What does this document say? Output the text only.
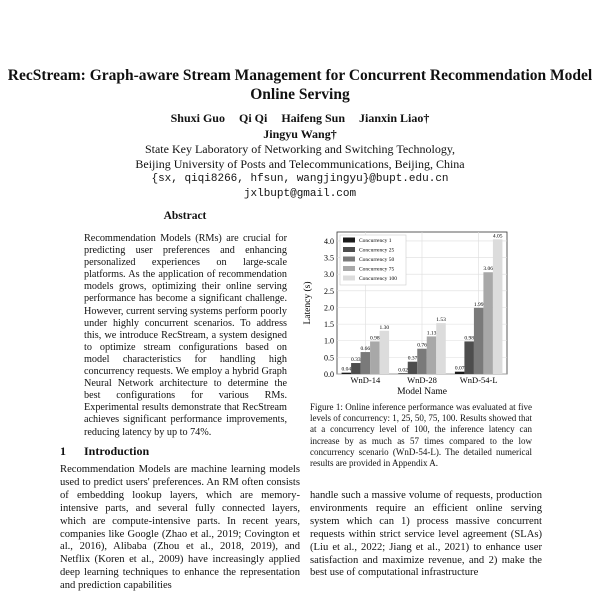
RecStream: Graph-aware Stream Management for Concurrent Recommendation Model Online Serving
Shuxi Guo Qi Qi Haifeng Sun Jianxin Liao†
Jingyu Wang†
State Key Laboratory of Networking and Switching Technology,
Beijing University of Posts and Telecommunications, Beijing, China
{sx, qiqi8266, hfsun, wangjingyu}@bupt.edu.cn
jxlbupt@gmail.com
Abstract
Recommendation Models (RMs) are crucial for predicting user preferences and enhancing personalized experiences on large-scale platforms. As the application of recommendation models grows, optimizing their online serving performance has become a significant challenge. However, current serving systems perform poorly under highly concurrent scenarios. To address this, we introduce RecStream, a system designed to optimize stream configurations based on model characteristics for handling high concurrency requests. We employ a hybrid Graph Neural Network architecture to determine the best configurations for various RMs. Experimental results demonstrate that RecStream achieves significant performance improvements, reducing latency by up to 74%.
1 Introduction
Recommendation Models are machine learning models used to predict users' preferences. An RM often consists of embedding lookup layers, which are memory-intensive parts, and several fully connected layers, which are compute-intensive parts. In recent years, companies like Google (Zhao et al., 2019; Covington et al., 2016), Alibaba (Zhou et al., 2018, 2019), and Netflix (Koren et al., 2009) have increasingly applied deep learning techniques to enhance the representation and prediction capabilities
0.0
0.5
1.0
1.5
2.0
2.5
3.0
3.5
4.0
WnD-14
0.04
0.33
0.66
0.98
1.30
WnD-28
0.02
0.37
0.76
1.13
1.53
WnD-54-L
0.07
0.98
1.99
3.06
4.05
Model Name
Latency (s)
Concurrency 1
Concurrency 25
Concurrency 50
Concurrency 75
Concurrency 100
Figure 1: Online inference performance was evaluated at five levels of concurrency: 1, 25, 50, 75, 100. Results showed that at a concurrency level of 100, the inference latency can increase by as much as 57 times compared to the low concurrency scenario (WnD-54-L). The detailed numerical results are provided in Appendix A.
handle such a massive volume of requests, production environments require an efficient online serving system which can 1) process massive concurrent requests within strict service level agreement (SLAs) (Liu et al., 2022; Jiang et al., 2021) to enhance user satisfaction and maximize revenue, and 2) make the best use of computational infrastructure
